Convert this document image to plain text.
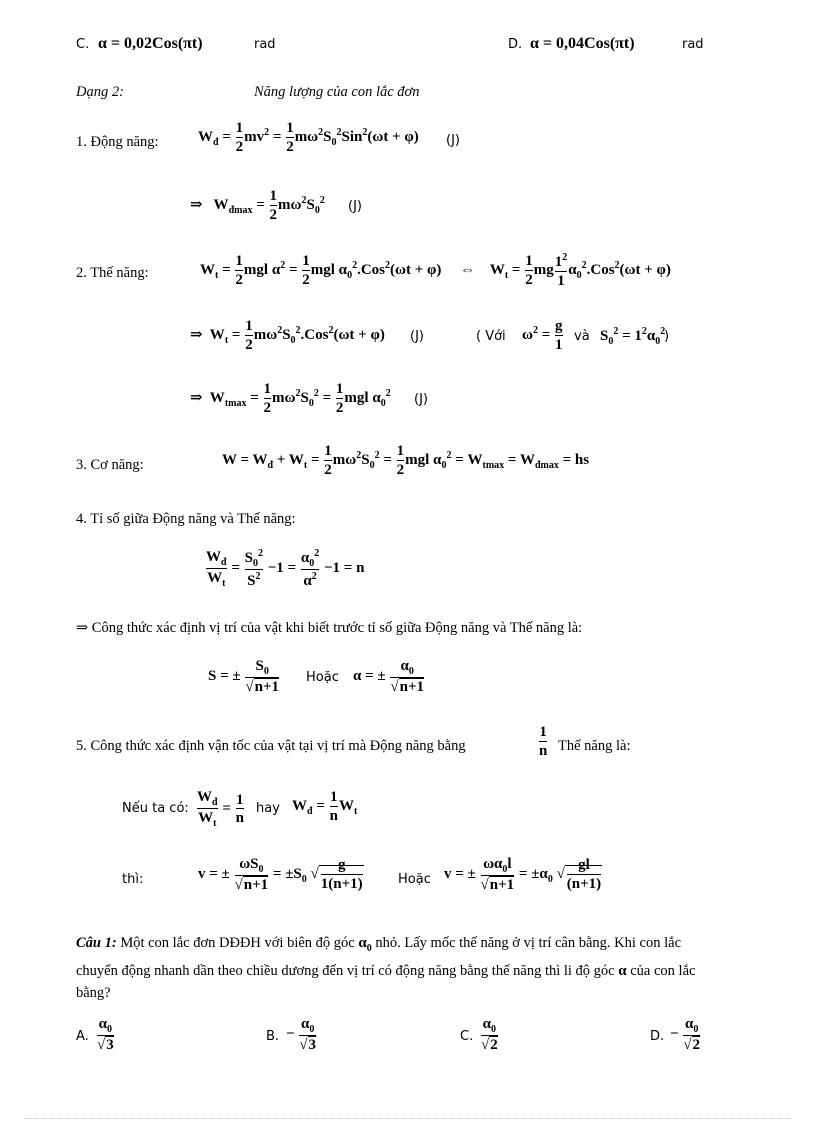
C. α = 0,02Cos(πt)	rad	D. α = 0,04Cos(πt)	rad
Dạng 2:	Năng lượng của con lắc đơn
1. Động năng:	$W_đ = \frac{1}{2} mv^2 = \frac{1}{2} m\omega^2S_0^2Sin^2(\omega t + \varphi)$ (J)
⇒   $W_{đmax} = \frac{1}{2} m\omega^2S_0^2$ (J)
2. Thế năng:	$W_t = \frac{1}{2}$ mgl $\alpha^2 = \frac{1}{2}$ mgl $\alpha_0^2.Cos^2(\omega t + \varphi)$     ⇔    $W_t = \frac{1}{2}$ mg $\frac{1^2}{1} \alpha_0^2.Cos^2(\omega t + \varphi)$
⇒  $W_t = \frac{1}{2} m\omega^2S_0^2.Cos^2(\omega t + \varphi)$ (J)	( Với $\omega^2 = \frac{g}{1}$ và $S_0^2 = 1^2\alpha_0^2$
)
⇒  $W_{tmax} = \frac{1}{2} m\omega^2S_0^2 = \frac{1}{2}$ mgl $\alpha_0^2$ (J)
3. Cơ năng:	$W = W_đ + W_t = \frac{1}{2} m\omega^2S_0^2 = \frac{1}{2}$ mgl $\alpha_0^2 = W_{tmax} = W_{đmax}$ = hs
4. Tỉ số giữa Động năng và Thế năng:
$\frac{W_đ}{W_t} = \frac{S_0^2}{S^2} -1 = \frac{\alpha_0^2}{\alpha^2} -1 = n$
⇒ Công thức xác định vị trí của vật khi biết trước tỉ số giữa Động năng và Thế năng là:
S = ± $\frac{S_0}{√n+1}$ Hoặc α = ± $\frac{\alpha_0}{√n+1}$
5. Công thức xác định vận tốc của vật tại vị trí mà Động năng bằng	$\frac{1}{n}$ Thế năng là:
Nếu ta có: $\frac{W_đ}{W_t} = \frac{1}{n}$ hay $W_đ = \frac{1}{n} W_t$
thì:	v = ± $\frac{\omega S_0}{√n+1} = \pm S_0$ √ $\frac{g}{1(n+1)}$	Hoặc v = ± $\frac{\omega\alpha_0l}{√n+1} = \pm\alpha_0$ √ $\frac{gl}{(n+1)}$
Câu 1: Một con lắc đơn DĐĐH với biên độ góc $\alpha_0$ nhỏ. Lấy mốc thế năng ở vị trí cân bằng. Khi con lắc
chuyển động nhanh dần theo chiều dương đến vị trí có động năng bằng thế năng thì li độ góc α của con lắc
bằng?
A. $\frac{\alpha_0}{√3}$	B. − $\frac{\alpha_0}{√3}$	C. $\frac{\alpha_0}{√2}$	D. − $\frac{\alpha_0}{√2}$
